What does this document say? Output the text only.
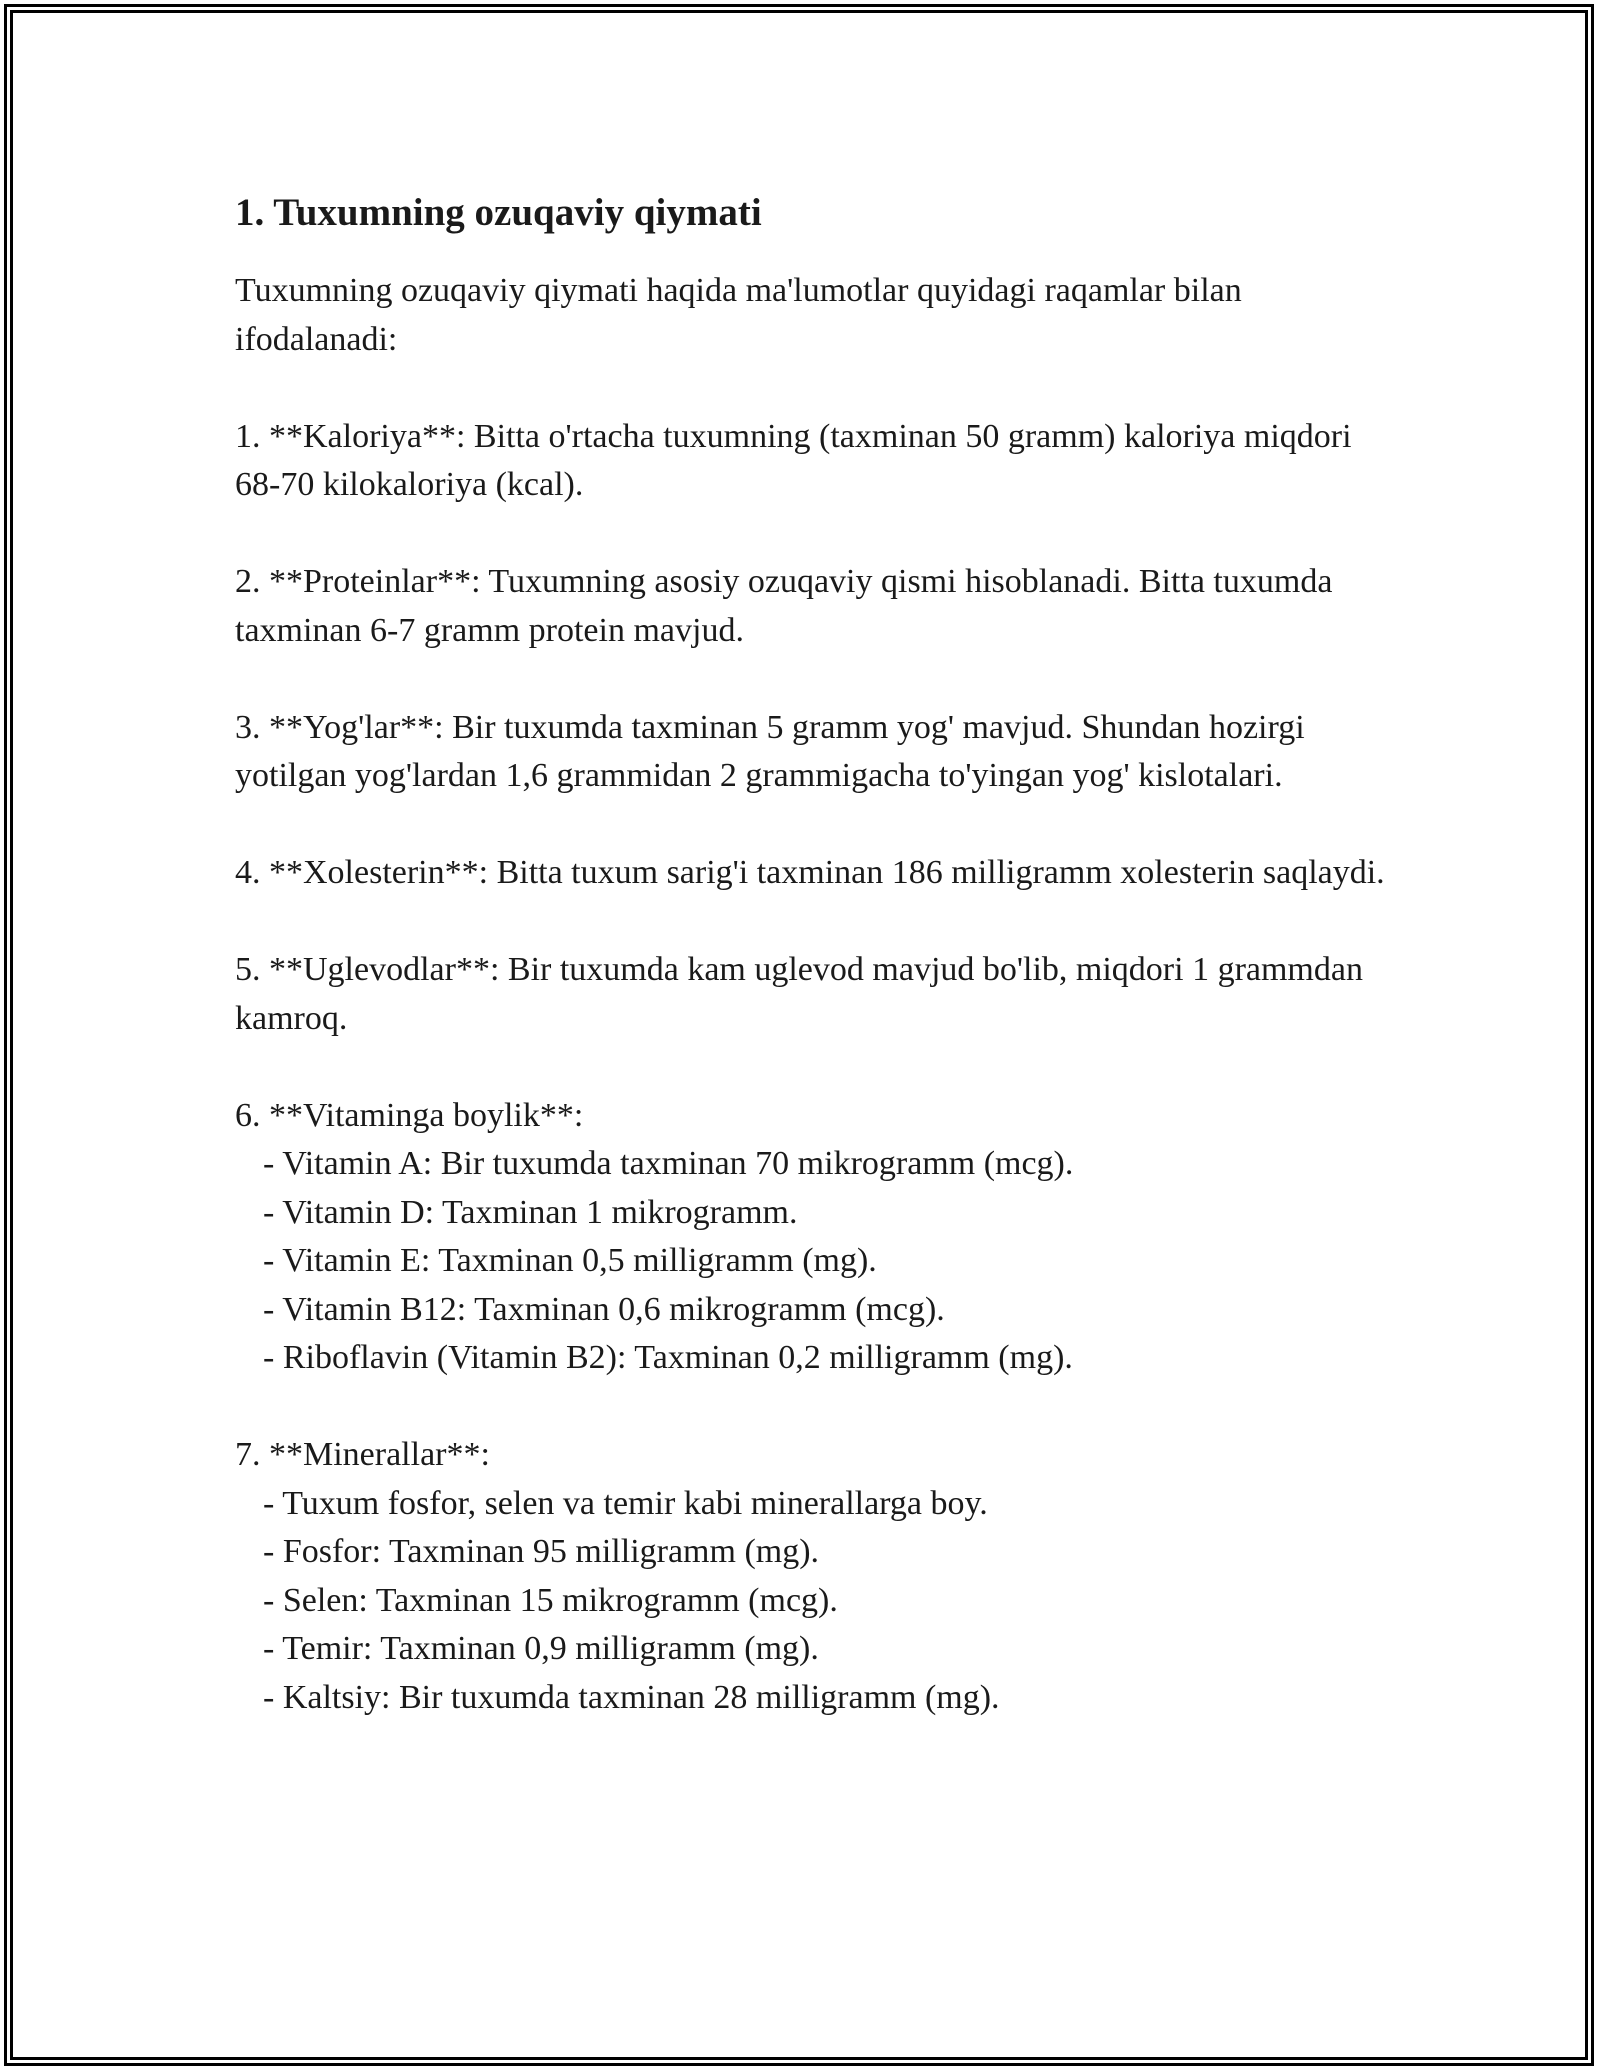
1. Tuxumning ozuqaviy qiymati

Tuxumning ozuqaviy qiymati haqida ma'lumotlar quyidagi raqamlar bilan ifodalanadi:

1. **Kaloriya**: Bitta o'rtacha tuxumning (taxminan 50 gramm) kaloriya miqdori 68-70 kilokaloriya (kcal).

2. **Proteinlar**: Tuxumning asosiy ozuqaviy qismi hisoblanadi. Bitta tuxumda taxminan 6-7 gramm protein mavjud.

3. **Yog'lar**: Bir tuxumda taxminan 5 gramm yog' mavjud. Shundan hozirgi yotilgan yog'lardan 1,6 grammidan 2 grammigacha to'yingan yog' kislotalari.

4. **Xolesterin**: Bitta tuxum sarig'i taxminan 186 milligramm xolesterin saqlaydi.

5. **Uglevodlar**: Bir tuxumda kam uglevod mavjud bo'lib, miqdori 1 grammdan kamroq.

6. **Vitaminga boylik**:

- Vitamin A: Bir tuxumda taxminan 70 mikrogramm (mcg).

- Vitamin D: Taxminan 1 mikrogramm.

- Vitamin E: Taxminan 0,5 milligramm (mg).

- Vitamin B12: Taxminan 0,6 mikrogramm (mcg).

- Riboflavin (Vitamin B2): Taxminan 0,2 milligramm (mg).

7. **Minerallar**:

- Tuxum fosfor, selen va temir kabi minerallarga boy.

- Fosfor: Taxminan 95 milligramm (mg).

- Selen: Taxminan 15 mikrogramm (mcg).

- Temir: Taxminan 0,9 milligramm (mg).

- Kaltsiy: Bir tuxumda taxminan 28 milligramm (mg).
